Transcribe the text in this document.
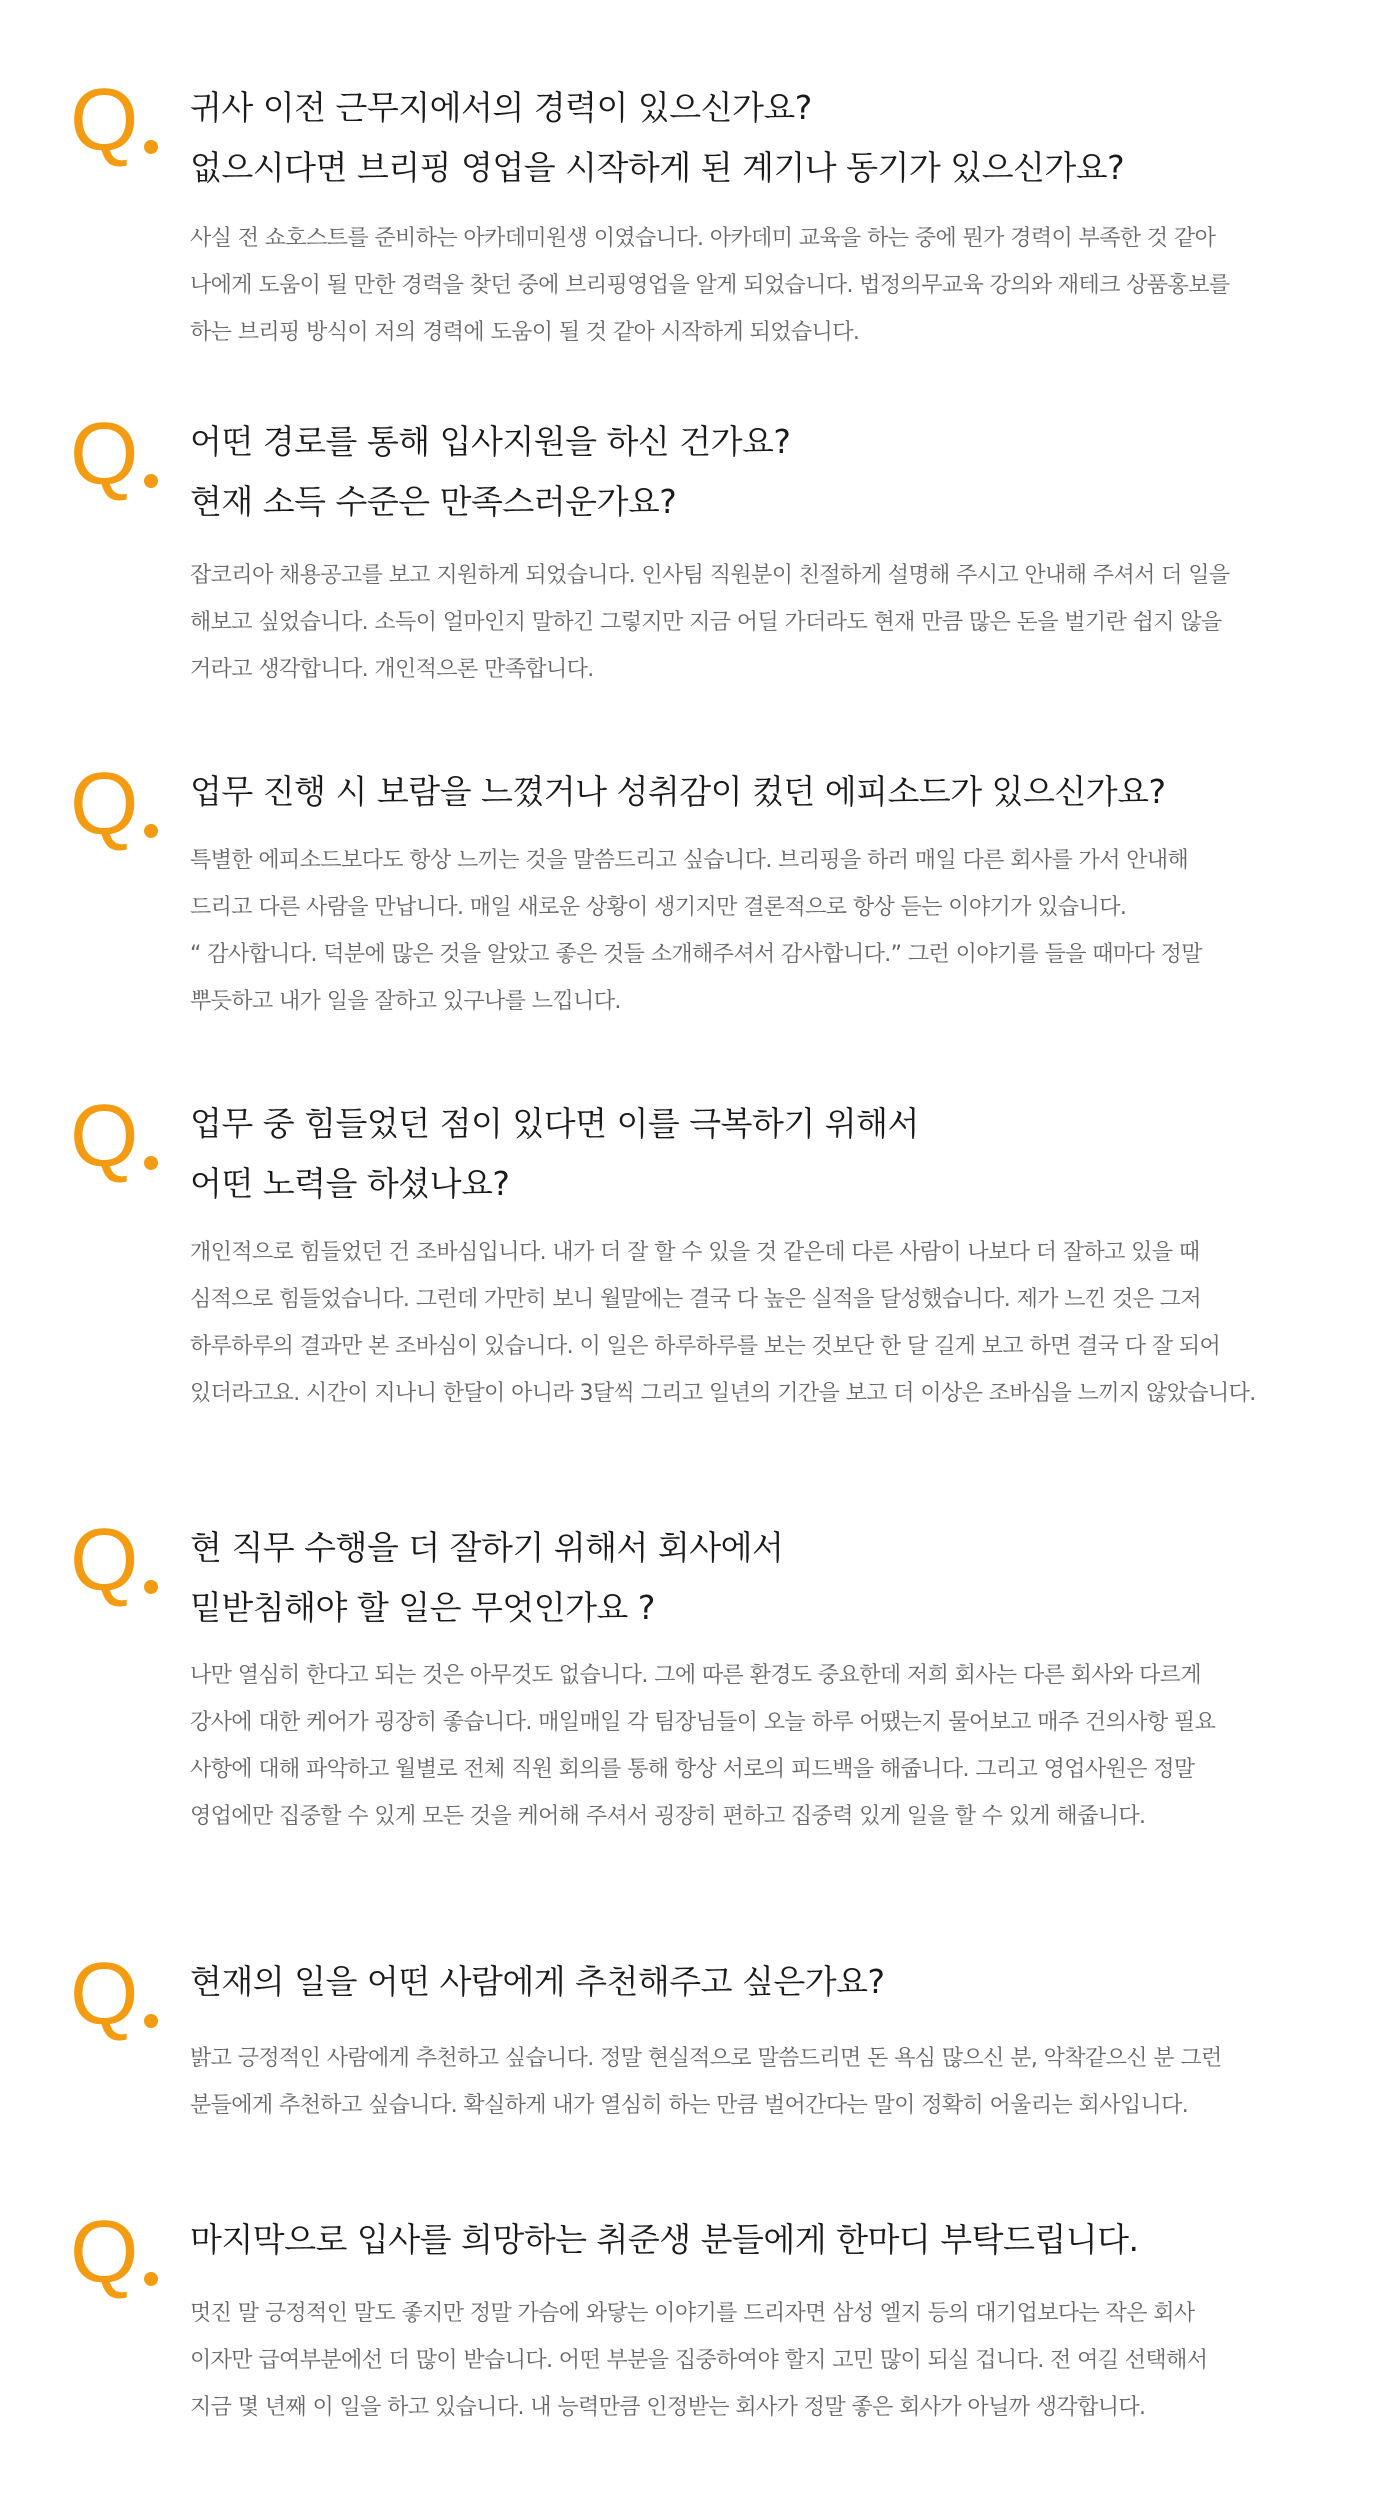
Q 귀사 이전 근무지에서의 경력이 있으신가요?
없으시다면 브리핑 영업을 시작하게 된 계기나 동기가 있으신가요?

사실 전 쇼호스트를 준비하는 아카데미원생 이였습니다. 아카데미 교육을 하는 중에 뭔가 경력이 부족한 것 같아
나에게 도움이 될 만한 경력을 찾던 중에 브리핑영업을 알게 되었습니다. 법정의무교육 강의와 재테크 상품홍보를
하는 브리핑 방식이 저의 경력에 도움이 될 것 같아 시작하게 되었습니다.

Q 어떤 경로를 통해 입사지원을 하신 건가요?
현재 소득 수준은 만족스러운가요?

잡코리아 채용공고를 보고 지원하게 되었습니다. 인사팀 직원분이 친절하게 설명해 주시고 안내해 주셔서 더 일을
해보고 싶었습니다. 소득이 얼마인지 말하긴 그렇지만 지금 어딜 가더라도 현재 만큼 많은 돈을 벌기란 쉽지 않을
거라고 생각합니다. 개인적으론 만족합니다.

Q 업무 진행 시 보람을 느꼈거나 성취감이 컸던 에피소드가 있으신가요?

특별한 에피소드보다도 항상 느끼는 것을 말씀드리고 싶습니다. 브리핑을 하러 매일 다른 회사를 가서 안내해
드리고 다른 사람을 만납니다. 매일 새로운 상황이 생기지만 결론적으로 항상 듣는 이야기가 있습니다.
“ 감사합니다. 덕분에 많은 것을 알았고 좋은 것들 소개해주셔서 감사합니다.” 그런 이야기를 들을 때마다 정말
뿌듯하고 내가 일을 잘하고 있구나를 느낍니다.

Q 업무 중 힘들었던 점이 있다면 이를 극복하기 위해서
어떤 노력을 하셨나요?

개인적으로 힘들었던 건 조바심입니다. 내가 더 잘 할 수 있을 것 같은데 다른 사람이 나보다 더 잘하고 있을 때
심적으로 힘들었습니다. 그런데 가만히 보니 월말에는 결국 다 높은 실적을 달성했습니다. 제가 느낀 것은 그저
하루하루의 결과만 본 조바심이 있습니다. 이 일은 하루하루를 보는 것보단 한 달 길게 보고 하면 결국 다 잘 되어
있더라고요. 시간이 지나니 한달이 아니라 3달씩 그리고 일년의 기간을 보고 더 이상은 조바심을 느끼지 않았습니다.

Q 현 직무 수행을 더 잘하기 위해서 회사에서
밑받침해야 할 일은 무엇인가요 ?

나만 열심히 한다고 되는 것은 아무것도 없습니다. 그에 따른 환경도 중요한데 저희 회사는 다른 회사와 다르게
강사에 대한 케어가 굉장히 좋습니다. 매일매일 각 팀장님들이 오늘 하루 어땠는지 물어보고 매주 건의사항 필요
사항에 대해 파악하고 월별로 전체 직원 회의를 통해 항상 서로의 피드백을 해줍니다. 그리고 영업사원은 정말
영업에만 집중할 수 있게 모든 것을 케어해 주셔서 굉장히 편하고 집중력 있게 일을 할 수 있게 해줍니다.

Q 현재의 일을 어떤 사람에게 추천해주고 싶은가요?

밝고 긍정적인 사람에게 추천하고 싶습니다. 정말 현실적으로 말씀드리면 돈 욕심 많으신 분, 악착같으신 분 그런
분들에게 추천하고 싶습니다. 확실하게 내가 열심히 하는 만큼 벌어간다는 말이 정확히 어울리는 회사입니다.

Q 마지막으로 입사를 희망하는 취준생 분들에게 한마디 부탁드립니다.

멋진 말 긍정적인 말도 좋지만 정말 가슴에 와닿는 이야기를 드리자면 삼성 엘지 등의 대기업보다는 작은 회사
이자만 급여부분에선 더 많이 받습니다. 어떤 부분을 집중하여야 할지 고민 많이 되실 겁니다. 전 여길 선택해서
지금 몇 년째 이 일을 하고 있습니다. 내 능력만큼 인정받는 회사가 정말 좋은 회사가 아닐까 생각합니다.
